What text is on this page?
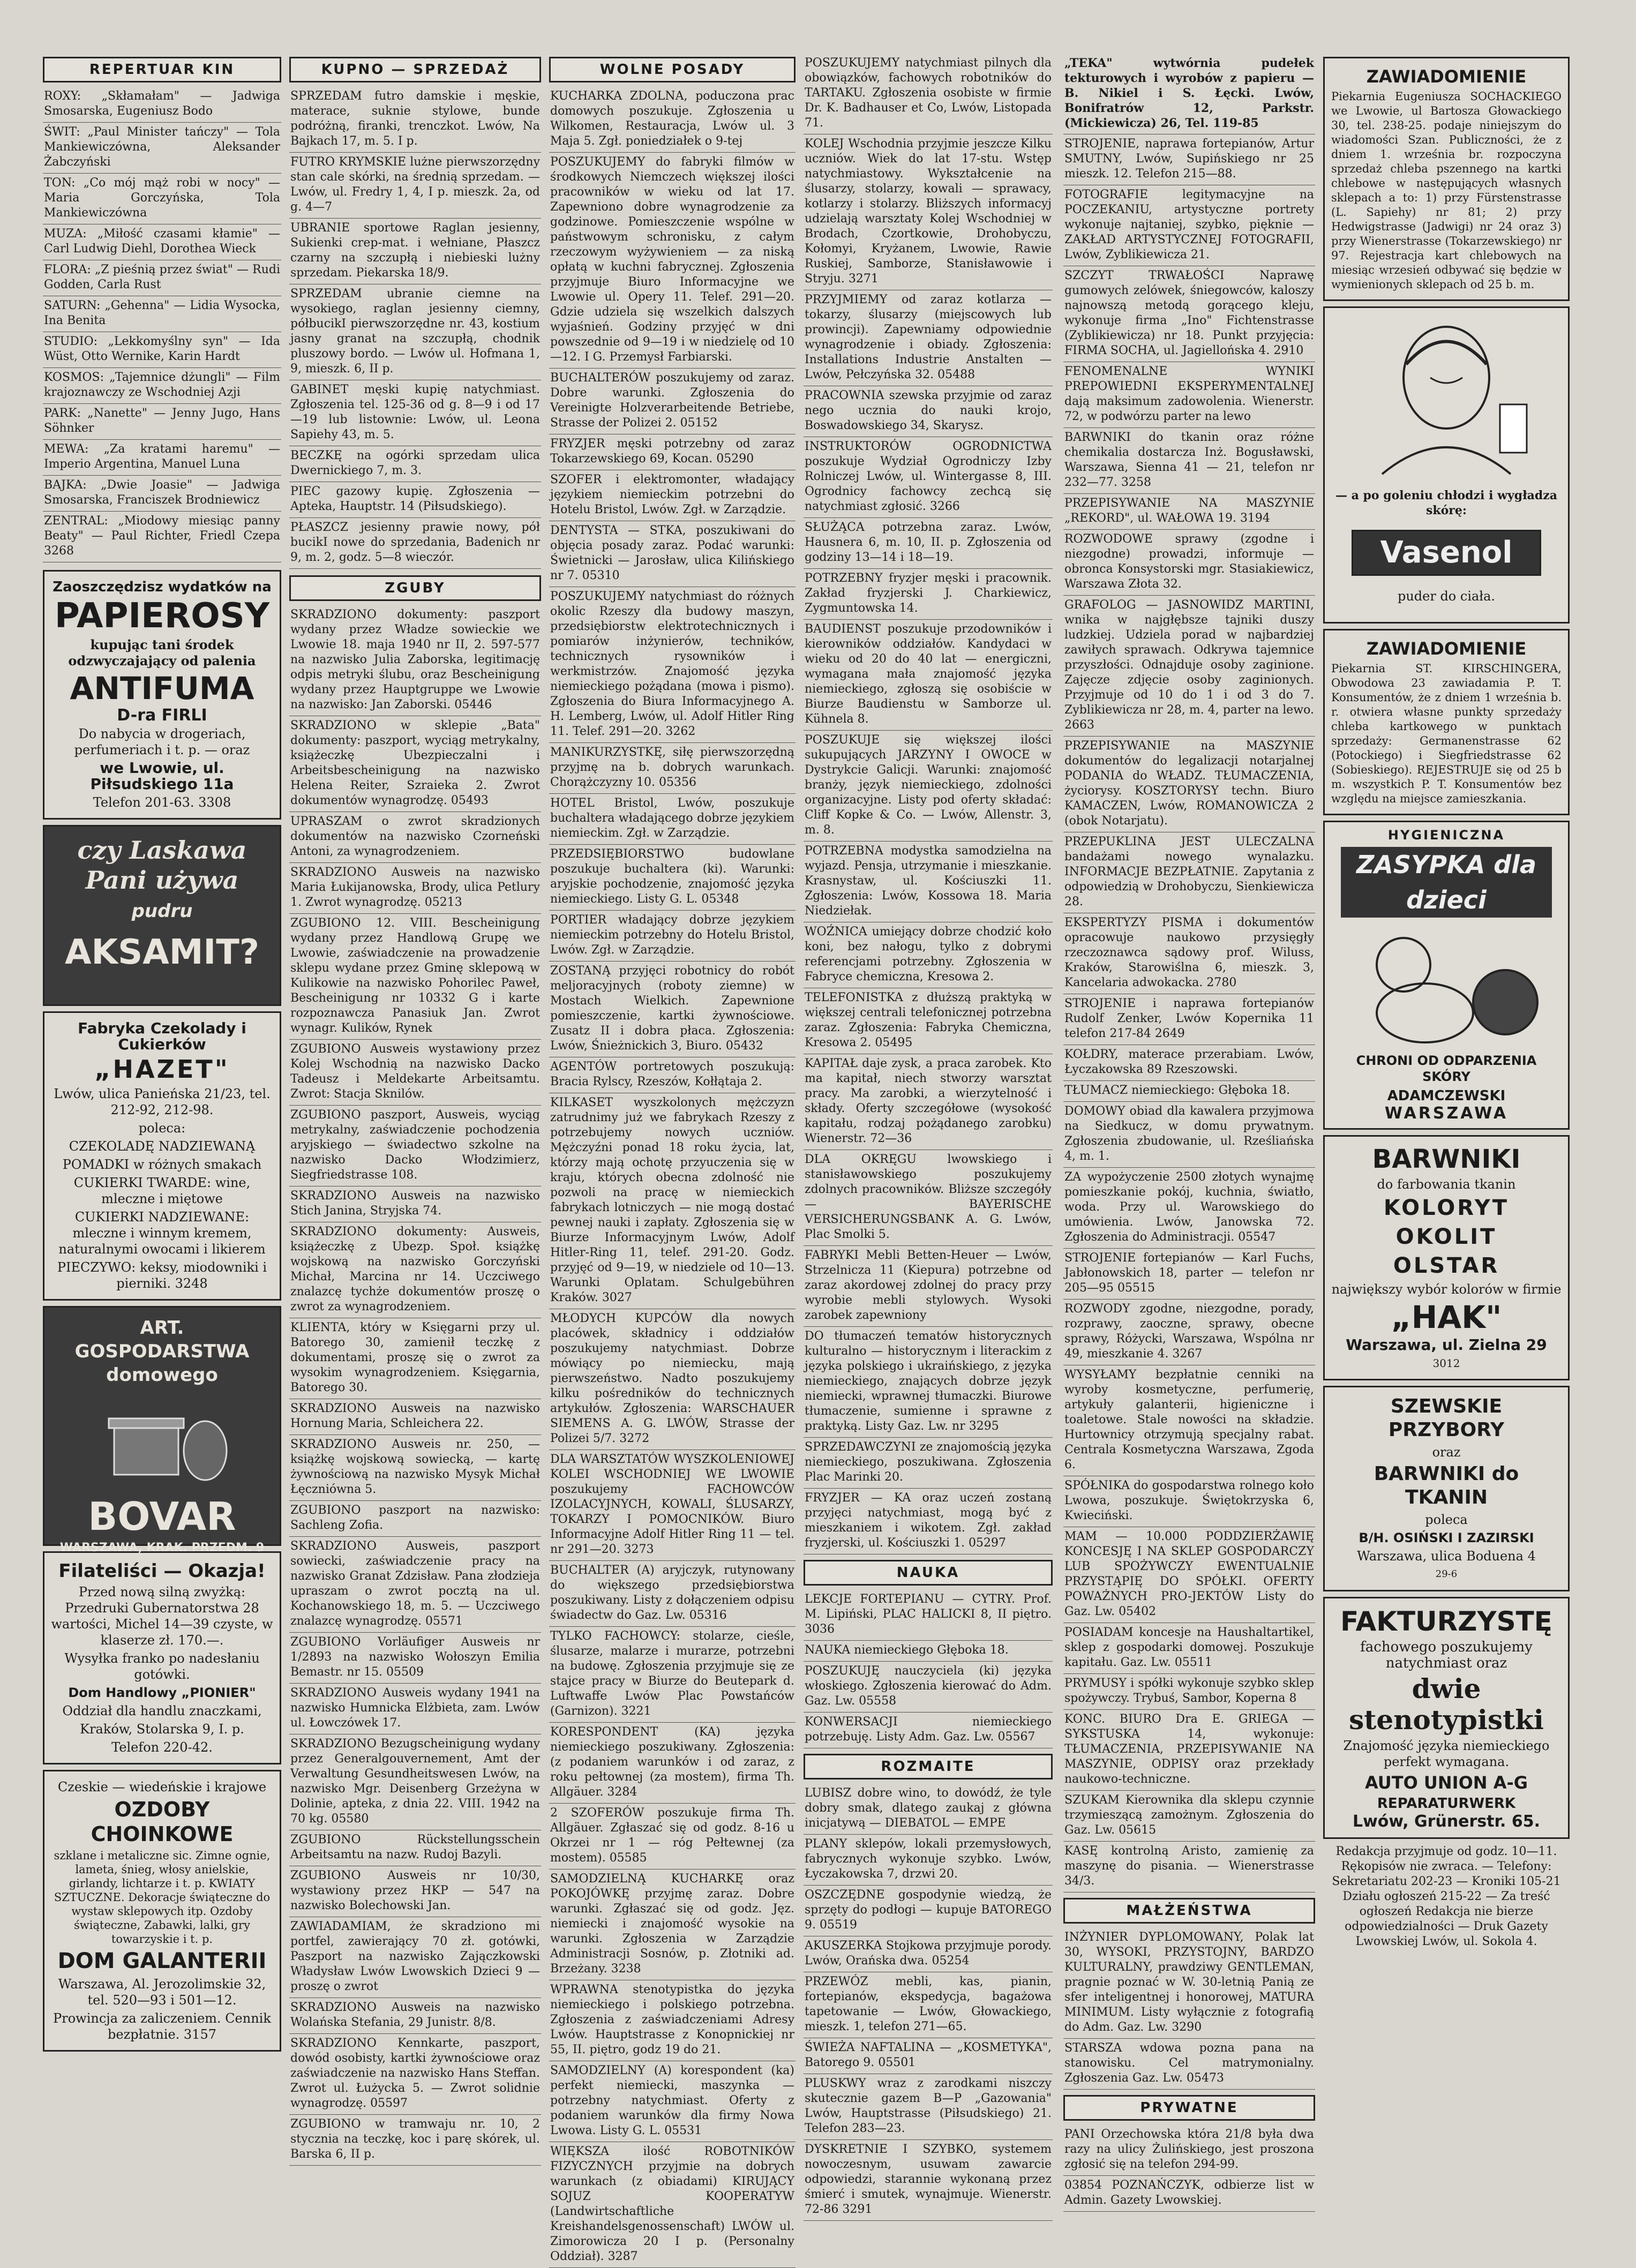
REPERTUAR KIN

ROXY: „Skłamałam" — Jadwiga Smosarska, Eugeniusz Bodo

ŚWIT: „Paul Minister tańczy" — Tola Mankiewiczówna, Aleksander Żabczyński

TON: „Co mój mąż robi w nocy" — Maria Gorczyńska, Tola Mankiewiczówna

MUZA: „Miłość czasami kłamie" — Carl Ludwig Diehl, Dorothea Wieck

FLORA: „Z pieśnią przez świat" — Rudi Godden, Carla Rust

SATURN: „Gehenna" — Lidia Wysocka, Ina Benita

STUDIO: „Lekkomyślny syn" — Ida Wüst, Otto Wernike, Karin Hardt

KOSMOS: „Tajemnice dżungli" — Film krajoznawczy ze Wschodniej Azji

PARK: „Nanette" — Jenny Jugo, Hans Söhnker

MEWA: „Za kratami haremu" — Imperio Argentina, Manuel Luna

BAJKA: „Dwie Joasie" — Jadwiga Smosarska, Franciszek Brodniewicz

ZENTRAL: „Miodowy miesiąc panny Beaty" — Paul Richter, Friedl Czepa 3268

Zaoszczędzisz wydatków na

PAPIEROSY

kupując tani środek odzwyczajający od palenia

ANTIFUMA

D-ra FIRLI

Do nabycia w drogeriach, perfumeriach i t. p. — oraz

we Lwowie, ul. Piłsudskiego 11a

Telefon 201-63. 3308

czy Laskawa Pani używa
pudru
AKSAMIT?

Fabryka Czekolady i Cukierków

„HAZET"

Lwów, ulica Panieńska 21/23, tel. 212-92, 212-98.

poleca:

CZEKOLADĘ NADZIEWANĄ

POMADKI w różnych smakach

CUKIERKI TWARDE: wine, mleczne i miętowe

CUKIERKI NADZIEWANE: mleczne i winnym kremem, naturalnymi owocami i likierem

PIECZYWO: keksy, miodowniki i pierniki. 3248

ART. GOSPODARSTWA domowego
BOVAR
WARSZAWA, KRAK. PRZEDM. 9

Filateliści — Okazja!

Przed nową silną zwyżką: Przedruki Gubernatorstwa 28 wartości, Michel 14—39 czyste, w klaserze zł. 170.—.

Wysyłka franko po nadesłaniu gotówki.

Dom Handlowy „PIONIER"

Oddział dla handlu znaczkami,

Kraków, Stolarska 9, I. p.

Telefon 220-42.

Czeskie — wiedeńskie i krajowe

OZDOBY CHOINKOWE

szklane i metaliczne sic. Zimne ognie, lameta, śnieg, włosy anielskie, girlandy, lichtarze i t. p. KWIATY SZTUCZNE. Dekoracje świąteczne do wystaw sklepowych itp. Ozdoby świąteczne, Zabawki, lalki, gry towarzyskie i t. p.

DOM GALANTERII

Warszawa, Al. Jerozolimskie 32, tel. 520—93 i 501—12.

Prowincja za zaliczeniem. Cennik bezpłatnie. 3157

KUPNO — SPRZEDAŻ

SPRZEDAM futro damskie i męskie, materace, suknie stylowe, bunde podróżną, firanki, trenczkot. Lwów, Na Bajkach 17, m. 5. I p.

FUTRO KRYMSKIE lużne pierwszorzędny stan cale skórki, na średnią sprzedam. — Lwów, ul. Fredry 1, 4, I p. mieszk. 2a, od g. 4—7

UBRANIE sportowe Raglan jesienny, Sukienki crep-mat. i wełniane, Płaszcz czarny na szczupłą i niebieski lużny sprzedam. Piekarska 18/9.

SPRZEDAM ubranie ciemne na wysokiego, raglan jesienny ciemny, półbucikI pierwszorzędne nr. 43, kostium jasny granat na szczupłą, chodnik pluszowy bordo. — Lwów ul. Hofmana 1, 9, mieszk. 6, II p.

GABINET męski kupię natychmiast. Zgłoszenia tel. 125-36 od g. 8—9 i od 17—19 lub listownie: Lwów, ul. Leona Sapiehy 43, m. 5.

BECZKĘ na ogórki sprzedam ulica Dwernickiego 7, m. 3.

PIEC gazowy kupię. Zgłoszenia — Apteka, Hauptstr. 14 (Piłsudskiego).

PŁASZCZ jesienny prawie nowy, pół bucikI nowe do sprzedania, Badenich nr 9, m. 2, godz. 5—8 wieczór.

ZGUBY

SKRADZIONO dokumenty: paszport wydany przez Władze sowieckie we Lwowie 18. maja 1940 nr II, 2. 597-577 na nazwisko Julia Zaborska, legitimację odpis metryki ślubu, oraz Bescheinigung wydany przez Hauptgruppe we Lwowie na nazwisko: Jan Zaborski. 05446

SKRADZIONO w sklepie „Bata" dokumenty: paszport, wyciąg metrykalny, książeczkę Ubezpieczalni i Arbeitsbescheinigung na nazwisko Helena Reiter, Szraieka 2. Zwrot dokumentów wynagrodzę. 05493

UPRASZAM o zwrot skradzionych dokumentów na nazwisko Czorneński Antoni, za wynagrodzeniem.

SKRADZIONO Ausweis na nazwisko Maria Łukijanowska, Brody, ulica Petlury 1. Zwrot wynagrodzę. 05213

ZGUBIONO 12. VIII. Bescheinigung wydany przez Handlową Grupę we Lwowie, zaświadczenie na prowadzenie sklepu wydane przez Gminę sklepową w Kulikowie na nazwisko Pohorilec Paweł, Bescheinigung nr 10332 G i karte rozpoznawcza Panasiuk Jan. Zwrot wynagr. Kulików, Rynek

ZGUBIONO Ausweis wystawiony przez Kolej Wschodnią na nazwisko Dacko Tadeusz i Meldekarte Arbeitsamtu. Zwrot: Stacja Sknilów.

ZGUBIONO paszport, Ausweis, wyciąg metrykalny, zaświadczenie pochodzenia aryjskiego — świadectwo szkolne na nazwisko Dacko Włodzimierz, Siegfriedstrasse 108.

SKRADZIONO Ausweis na nazwisko Stich Janina, Stryjska 74.

SKRADZIONO dokumenty: Ausweis, książeczkę z Ubezp. Społ. książkę wojskową na nazwisko Gorczyński Michał, Marcina nr 14. Uczciwego znalazcę tychże dokumentów proszę o zwrot za wynagrodzeniem.

KLIENTA, który w Księgarni przy ul. Batorego 30, zamienił teczkę z dokumentami, proszę się o zwrot za wysokim wynagrodzeniem. Księgarnia, Batorego 30.

SKRADZIONO Ausweis na nazwisko Hornung Maria, Schleichera 22.

SKRADZIONO Ausweis nr. 250, — książkę wojskową sowiecką, — kartę żywnościową na nazwisko Mysyk Michał Łęczniówna 5.

ZGUBIONO paszport na nazwisko: Sachleng Zofia.

SKRADZIONO Ausweis, paszport sowiecki, zaświadczenie pracy na nazwisko Granat Zdzisław. Pana złodzieja upraszam o zwrot pocztą na ul. Kochanowskiego 18, m. 5. — Uczciwego znalazcę wynagrodzę. 05571

ZGUBIONO Vorläufiger Ausweis nr 1/2893 na nazwisko Wołoszyn Emilia Bemastr. nr 15. 05509

SKRADZIONO Ausweis wydany 1941 na nazwisko Humnicka Elżbieta, zam. Lwów ul. Łowczówek 17.

SKRADZIONO Bezugscheinigung wydany przez Generalgouvernement, Amt der Verwaltung Gesundheitswesen Lwów, na nazwisko Mgr. Deisenberg Grzeżyna w Dolinie, apteka, z dnia 22. VIII. 1942 na 70 kg. 05580

ZGUBIONO Rückstellungsschein Arbeitsamtu na nazw. Rudoj Bazyli.

ZGUBIONO Ausweis nr 10/30, wystawiony przez HKP — 547 na nazwisko Bolechowski Jan.

ZAWIADAMIAM, że skradziono mi portfel, zawierający 70 zł. gotówki, Paszport na nazwisko Zajączkowski Władysław Lwów Lwowskich Dzieci 9 — proszę o zwrot

SKRADZIONO Ausweis na nazwisko Wolańska Stefania, 29 Junistr. 8/8.

SKRADZIONO Kennkarte, paszport, dowód osobisty, kartki żywnościowe oraz zaświadczenie na nazwisko Hans Steffan. Zwrot ul. Łużycka 5. — Zwrot solidnie wynagrodzę. 05597

ZGUBIONO w tramwaju nr. 10, 2 stycznia na teczkę, koc i parę skórek, ul. Barska 6, II p.

WOLNE POSADY

KUCHARKA ZDOLNA, poduczona prac domowych poszukuje. Zgłoszenia u Wilkomen, Restauracja, Lwów ul. 3 Maja 5. Zgł. poniedziałek o 9-tej

POSZUKUJEMY do fabryki filmów w środkowych Niemczech większej ilości pracowników w wieku od lat 17. Zapewniono dobre wynagrodzenie za godzinowe. Pomieszczenie wspólne w państwowym schronisku, z całym rzeczowym wyżywieniem — za niską opłatą w kuchni fabrycznej. Zgłoszenia przyjmuje Biuro Informacyjne we Lwowie ul. Opery 11. Telef. 291—20. Gdzie udziela się wszelkich dalszych wyjaśnień. Godziny przyjęć w dni powszednie od 9—19 i w niedzielę od 10—12. I G. Przemysł Farbiarski.

BUCHALTERÓW poszukujemy od zaraz. Dobre warunki. Zgłoszenia do Vereinigte Holzverarbeitende Betriebe, Strasse der Polizei 2. 05152

FRYZJER męski potrzebny od zaraz Tokarzewskiego 69, Kocan. 05290

SZOFER i elektromonter, władający językiem niemieckim potrzebni do Hotelu Bristol, Lwów. Zgł. w Zarządzie.

DENTYSTA — STKA, poszukiwani do objęcia posady zaraz. Podać warunki: Świetnicki — Jarosław, ulica Kilińskiego nr 7. 05310

POSZUKUJEMY natychmiast do różnych okolic Rzeszy dla budowy maszyn, przedsiębiorstw elektrotechnicznych i pomiarów inżynierów, techników, technicznych rysowników i werkmistrzów. Znajomość języka niemieckiego pożądana (mowa i pismo). Zgłoszenia do Biura Informacyjnego A. H. Lemberg, Lwów, ul. Adolf Hitler Ring 11. Telef. 291—20. 3262

MANIKURZYSTKĘ, siłę pierwszorzędną przyjmę na b. dobrych warunkach. Chorążczyzny 10. 05356

HOTEL Bristol, Lwów, poszukuje buchaltera władającego dobrze językiem niemieckim. Zgł. w Zarządzie.

PRZEDSIĘBIORSTWO budowlane poszukuje buchaltera (ki). Warunki: aryjskie pochodzenie, znajomość języka niemieckiego. Listy G. L. 05348

PORTIER władający dobrze językiem niemieckim potrzebny do Hotelu Bristol, Lwów. Zgł. w Zarządzie.

ZOSTANĄ przyjęci robotnicy do robót meljoracyjnych (roboty ziemne) w Mostach Wielkich. Zapewnione pomieszczenie, kartki żywnościowe. Zusatz II i dobra płaca. Zgłoszenia: Lwów, Śnieżnickich 3, Biuro. 05432

AGENTÓW portretowych poszukują: Bracia Rylscy, Rzeszów, Kołłątaja 2.

KILKASET wyszkolonych mężczyzn zatrudnimy już we fabrykach Rzeszy z potrzebujemy nowych uczniów. Mężczyźni ponad 18 roku życia, lat, którzy mają ochotę przyuczenia się w kraju, których obecna zdolność nie pozwoli na pracę w niemieckich fabrykach lotniczych — nie mogą dostać pewnej nauki i zapłaty. Zgłoszenia się w Biurze Informacyjnym Lwów, Adolf Hitler-Ring 11, telef. 291-20. Godz. przyjęć od 9—19, w niedziele od 10—13. Warunki Oplatam. Schulgebühren Kraków. 3027

MŁODYCH KUPCÓW dla nowych placówek, składnicy i oddziałów poszukujemy natychmiast. Dobrze mówiący po niemiecku, mają pierwszeństwo. Nadto poszukujemy kilku pośredników do technicznych artykułów. Zgłoszenia: WARSCHAUER SIEMENS A. G. LWÓW, Strasse der Polizei 5/7. 3272

DLA WARSZTATÓW WYSZKOLENIOWEJ KOLEI WSCHODNIEJ WE LWOWIE poszukujemy FACHOWCÓW IZOLACYJNYCH, KOWALI, ŚLUSARZY, TOKARZY I POMOCNIKÓW. Biuro Informacyjne Adolf Hitler Ring 11 — tel. nr 291—20. 3273

BUCHALTER (A) aryjczyk, rutynowany do większego przedsiębiorstwa poszukiwany. Listy z dołączeniem odpisu świadectw do Gaz. Lw. 05316

TYLKO FACHOWCY: stolarze, cieśle, ślusarze, malarze i murarze, potrzebni na budowę. Zgłoszenia przyjmuje się ze stajce pracy w Biurze do Beutepark d. Luftwaffe Lwów Plac Powstańców (Garnizon). 3221

KORESPONDENT (KA) języka niemieckiego poszukiwany. Zgłoszenia: (z podaniem warunków i od zaraz, z roku pełtownej (za mostem), firma Th. Allgäuer. 3284

2 SZOFERÓW poszukuje firma Th. Allgäuer. Zgłaszać się od godz. 8-16 u Okrzei nr 1 — róg Pełtewnej (za mostem). 05585

SAMODZIELNĄ KUCHARKĘ oraz POKOJÓWKĘ przyjmę zaraz. Dobre warunki. Zgłaszać się od godz. Jęz. niemiecki i znajomość wysokie na warunki. Zgłoszenia w Zarządzie Administracji Sosnów, p. Złotniki ad. Brzeżany. 3238

WPRAWNA stenotypistka do języka niemieckiego i polskiego potrzebna. Zgłoszenia z zaświadczeniami Adresy Lwów. Hauptstrasse z Konopnickiej nr 55, II. piętro, godz 19 do 21.

SAMODZIELNY (A) korespondent (ka) perfekt niemiecki, maszynka — potrzebny natychmiast. Oferty z podaniem warunków dla firmy Nowa Lwowa. Listy G. L. 05531

WIĘKSZA ilość ROBOTNIKÓW FIZYCZNYCH przyjmie na dobrych warunkach (z obiadami) KIRUJĄCY SOJUZ KOOPERATYW (Landwirtschaftliche Kreishandelsgenossenschaft) LWÓW ul. Zimorowicza 20 I p. (Personalny Oddział). 3287

POSZUKUJEMY natychmiast pilnych dla obowiązków, fachowych robotników do TARTAKU. Zgłoszenia osobiste w firmie Dr. K. Badhauser et Co, Lwów, Listopada 71.

KOLEJ Wschodnia przyjmie jeszcze Kilku uczniów. Wiek do lat 17-stu. Wstęp natychmiastowy. Wykształcenie na ślusarzy, stolarzy, kowali — sprawacy, kotlarzy i stolarzy. Bliższych informacyj udzielają warsztaty Kolej Wschodniej w Brodach, Czortkowie, Drohobyczu, Kołomyi, Kryżanem, Lwowie, Rawie Ruskiej, Samborze, Stanisławowie i Stryju. 3271

PRZYJMIEMY od zaraz kotlarza — tokarzy, ślusarzy (miejscowych lub prowincji). Zapewniamy odpowiednie wynagrodzenie i obiady. Zgłoszenia: Installations Industrie Anstalten — Lwów, Pełczyńska 32. 05488

PRACOWNIA szewska przyjmie od zaraz nego ucznia do nauki krojo, Boswadowskiego 34, Skarysz.

INSTRUKTORÓW OGRODNICTWA poszukuje Wydział Ogrodniczy Izby Rolniczej Lwów, ul. Wintergasse 8, III. Ogrodnicy fachowcy zechcą się natychmiast zgłosić. 3266

SŁUŻĄCA potrzebna zaraz. Lwów, Hausnera 6, m. 10, II. p. Zgłoszenia od godziny 13—14 i 18—19.

POTRZEBNY fryzjer męski i pracownik. Zakład fryzjerski J. Charkiewicz, Zygmuntowska 14.

BAUDIENST poszukuje przodowników i kierowników oddziałów. Kandydaci w wieku od 20 do 40 lat — energiczni, wymagana mała znajomość języka niemieckiego, zgłoszą się osobiście w Biurze Baudienstu w Samborze ul. Kühnela 8.

POSZUKUJE się większej ilości sukupujących JARZYNY I OWOCE w Dystrykcie Galicji. Warunki: znajomość branży, język niemieckiego, zdolności organizacyjne. Listy pod oferty składać: Cliff Kopke & Co. — Lwów, Allenstr. 3, m. 8.

POTRZEBNA modystka samodzielna na wyjazd. Pensja, utrzymanie i mieszkanie. Krasnystaw, ul. Kościuszki 11. Zgłoszenia: Lwów, Kossowa 18. Maria Niedziełak.

WOŹNICA umiejący dobrze chodzić koło koni, bez nałogu, tylko z dobrymi referencjami potrzebny. Zgłoszenia w Fabryce chemiczna, Kresowa 2.

TELEFONISTKA z dłuższą praktyką w większej centrali telefonicznej potrzebna zaraz. Zgłoszenia: Fabryka Chemiczna, Kresowa 2. 05495

KAPITAŁ daje zysk, a praca zarobek. Kto ma kapitał, niech stworzy warsztat pracy. Ma zarobki, a wierzytelność i składy. Oferty szczegółowe (wysokość kapitału, rodzaj pożądanego zarobku) Wienerstr. 72—36

DLA OKRĘGU lwowskiego i stanisławowskiego poszukujemy zdolnych pracowników. Bliższe szczegóły — BAYERISCHE VERSICHERUNGSBANK A. G. Lwów, Plac Smolki 5.

FABRYKI Mebli Betten-Heuer — Lwów, Strzelnicza 11 (Kiepura) potrzebne od zaraz akordowej zdolnej do pracy przy wyrobie mebli stylowych. Wysoki zarobek zapewniony

DO tłumaczeń tematów historycznych kulturalno — historycznym i literackim z języka polskiego i ukraińskiego, z języka niemieckiego, znających dobrze język niemiecki, wprawnej tłumaczki. Biurowe tłumaczenie, sumienne i sprawne z praktyką. Listy Gaz. Lw. nr 3295

SPRZEDAWCZYNI ze znajomością języka niemieckiego, poszukiwana. Zgłoszenia Plac Marinki 20.

FRYZJER — KA oraz uczeń zostaną przyjęci natychmiast, mogą być z mieszkaniem i wikotem. Zgł. zakład fryzjerski, ul. Kościuszki 1. 05297

NAUKA

LEKCJE FORTEPIANU — CYTRY. Prof. M. Lipiński, PLAC HALICKI 8, II piętro. 3036

NAUKA niemieckiego Głęboka 18.

POSZUKUJĘ nauczyciela (ki) języka włoskiego. Zgłoszenia kierować do Adm. Gaz. Lw. 05558

KONWERSACJI niemieckiego potrzebuję. Listy Adm. Gaz. Lw. 05567

ROZMAITE

LUBISZ dobre wino, to dowódź, że tyle dobry smak, dlatego zaukaj z główna inicjatywą — DIEBATOL — EMPE

PLANY sklepów, lokali przemysłowych, fabrycznych wykonuje szybko. Lwów, Łyczakowska 7, drzwi 20.

OSZCZĘDNE gospodynie wiedzą, że sprzęty do podłogi — kupuje BATOREGO 9. 05519

AKUSZERKA Stojkowa przyjmuje porody. Lwów, Orańska dwa. 05254

PRZEWÓZ mebli, kas, pianin, fortepianów, ekspedycja, bagażowa tapetowanie — Lwów, Głowackiego, mieszk. 1, telefon 271—65.

ŚWIEŻA NAFTALINA — „KOSMETYKA", Batorego 9. 05501

PLUSKWY wraz z zarodkami niszczy skutecznie gazem B—P „Gazowania" Lwów, Hauptstrasse (Piłsudskiego) 21. Telefon 283—23.

DYSKRETNIE I SZYBKO, systemem nowoczesnym, usuwam zawarcie odpowiedzi, starannie wykonaną przez śmierć i smutek, wynajmuje. Wienerstr. 72-86 3291

„TEKA" wytwórnia pudełek tekturowych i wyrobów z papieru — B. Nikiel i S. Łęcki. Lwów, Bonifratrów 12, Parkstr. (Mickiewicza) 26, Tel. 119-85

STROJENIE, naprawa fortepianów, Artur SMUTNY, Lwów, Supińskiego nr 25 mieszk. 12. Telefon 215—88.

FOTOGRAFIE legitymacyjne na POCZEKANIU, artystyczne portrety wykonuje najtaniej, szybko, pięknie — ZAKŁAD ARTYSTYCZNEJ FOTOGRAFII, Lwów, Zyblikiewicza 21.

SZCZYT TRWAŁOŚCI Naprawę gumowych zelówek, śniegowców, kaloszy najnowszą metodą gorącego kleju, wykonuje firma „Ino" Fichtenstrasse (Zyblikiewicza) nr 18. Punkt przyjęcia: FIRMA SOCHA, ul. Jagiellońska 4. 2910

FENOMENALNE WYNIKI PREPOWIEDNI EKSPERYMENTALNEJ dają maksimum zadowolenia. Wienerstr. 72, w podwórzu parter na lewo

BARWNIKI do tkanin oraz różne chemikalia dostarcza Inż. Bogusławski, Warszawa, Sienna 41 — 21, telefon nr 232—77. 3258

PRZEPISYWANIE NA MASZYNIE „REKORD", ul. WAŁOWA 19. 3194

ROZWODOWE sprawy (zgodne i niezgodne) prowadzi, informuje — obronca Konsystorski mgr. Stasiakiewicz, Warszawa Złota 32.

GRAFOLOG — JASNOWIDZ MARTINI, wnika w najgłębsze tajniki duszy ludzkiej. Udziela porad w najbardziej zawiłych sprawach. Odkrywa tajemnice przyszłości. Odnajduje osoby zaginione. Zajęcze zdjęcie osoby zaginionych. Przyjmuje od 10 do 1 i od 3 do 7. Zyblikiewicza nr 28, m. 4, parter na lewo. 2663

PRZEPISYWANIE na MASZYNIE dokumentów do legalizacji notarjalnej PODANIA do WŁADZ. TŁUMACZENIA, życiorysy. KOSZTORYSY techn. Biuro KAMACZEN, Lwów, ROMANOWICZA 2 (obok Notarjatu).

PRZEPUKLINA JEST ULECZALNA bandażami nowego wynalazku. INFORMACJE BEZPŁATNIE. Zapytania z odpowiedzią w Drohobyczu, Sienkiewicza 28.

EKSPERTYZY PISMA i dokumentów opracowuje naukowo przysięgły rzeczoznawca sądowy prof. Wiluss, Kraków, Starowiślna 6, mieszk. 3, Kancelaria adwokacka. 2780

STROJENIE i naprawa fortepianów Rudolf Zenker, Lwów Kopernika 11 telefon 217-84 2649

KOŁDRY, materace przerabiam. Lwów, Łyczakowska 89 Rzeszowski.

TŁUMACZ niemieckiego: Głęboka 18.

DOMOWY obiad dla kawalera przyjmowa na Siedkucz, w domu prywatnym. Zgłoszenia zbudowanie, ul. Rześliańska 4, m. 1.

ZA wypożyczenie 2500 złotych wynajmę pomieszkanie pokój, kuchnia, światło, woda. Przy ul. Warowskiego do umówienia. Lwów, Janowska 72. Zgłoszenia do Administracji. 05547

STROJENIE fortepianów — Karl Fuchs, Jabłonowskich 18, parter — telefon nr 205—95 05515

ROZWODY zgodne, niezgodne, porady, rozprawy, zaoczne, sprawy, obecne sprawy, Różycki, Warszawa, Wspólna nr 49, mieszkanie 4. 3267

WYSYŁAMY bezpłatnie cenniki na wyroby kosmetyczne, perfumerię, artykuły galanterii, higieniczne i toaletowe. Stale nowości na składzie. Hurtownicy otrzymują specjalny rabat. Centrala Kosmetyczna Warszawa, Zgoda 6.

SPÓŁNIKA do gospodarstwa rolnego koło Lwowa, poszukuje. Świętokrzyska 6, Kwieciński.

MAM — 10.000 PODDZIERŻAWIĘ KONCESJĘ I NA SKLEP GOSPODARCZY LUB SPOŻYWCZY EWENTUALNIE PRZYSTĄPIĘ DO SPÓŁKI. OFERTY POWAŻNYCH PRO-JEKTÓW Listy do Gaz. Lw. 05402

POSIADAM koncesje na Haushaltartikel, sklep z gospodarki domowej. Poszukuje kapitału. Gaz. Lw. 05511

PRYMUSY i spółki wykonuje szybko sklep spożywczy. Trybuś, Sambor, Koperna 8

KONC. BIURO Dra E. GRIEGA — SYKSTUSKA 14, wykonuje: TŁUMACZENIA, PRZEPISYWANIE NA MASZYNIE, ODPISY oraz przekłady naukowo-techniczne.

SZUKAM Kierownika dla sklepu czynnie trzymieszącą zamożnym. Zgłoszenia do Gaz. Lw. 05615

KASĘ kontrolną Aristo, zamienię za maszynę do pisania. — Wienerstrasse 34/3.

MAŁŻEŃSTWA

INŻYNIER DYPLOMOWANY, Polak lat 30, WYSOKI, PRZYSTOJNY, BARDZO KULTURALNY, prawdziwy GENTLEMAN, pragnie poznać w W. 30-letnią Panią ze sfer inteligentnej i honorowej, MATURA MINIMUM. Listy wyłącznie z fotografią do Adm. Gaz. Lw. 3290

STARSZA wdowa pozna pana na stanowisku. Cel matrymonialny. Zgłoszenia Gaz. Lw. 05473

PRYWATNE

PANI Orzechowska która 21/8 była dwa razy na ulicy Żulińskiego, jest proszona zgłosić się na telefon 294-99.

03854 POZNAŃCZYK, odbierze list w Admin. Gazety Lwowskiej.

ZAWIADOMIENIE

Piekarnia Eugeniusza SOCHACKIEGO we Lwowie, ul Bartosza Głowackiego 30, tel. 238-25. podaje niniejszym do wiadomości Szan. Publiczności, że z dniem 1. września br. rozpoczyna sprzedaż chleba pszennego na kartki chlebowe w następujących własnych sklepach a to: 1) przy Fürstenstrasse (L. Sapiehy) nr 81; 2) przy Hedwigstrasse (Jadwigi) nr 24 oraz 3) przy Wienerstrasse (Tokarzewskiego) nr 97. Rejestracja kart chlebowych na miesiąc wrzesień odbywać się będzie w wymienionych sklepach od 25 b. m.

— a po goleniu chłodzi i wygładza skórę:

Vasenol

puder do ciała.

ZAWIADOMIENIE

Piekarnia ST. KIRSCHINGERA, Obwodowa 23 zawiadamia P. T. Konsumentów, że z dniem 1 września b. r. otwiera własne punkty sprzedaży chleba kartkowego w punktach sprzedaży: Germanenstrasse 62 (Potockiego) i Siegfriedstrasse 62 (Sobieskiego). REJESTRUJE się od 25 b m. wszystkich P. T. Konsumentów bez względu na miejsce zamieszkania.

HYGIENICZNA
ZASYPKA dla dzieci
CHRONI OD ODPARZENIA SKÓRY
ADAMCZEWSKI
WARSZAWA

BARWNIKI

do farbowania tkanin

KOLORYT

OKOLIT

OLSTAR

największy wybór kolorów w firmie

„HAK"

Warszawa, ul. Zielna 29

3012

SZEWSKIE PRZYBORY

oraz

BARWNIKI do TKANIN

poleca

B/H. OSIŃSKI I ZAZIRSKI

Warszawa, ulica Boduena 4

29-6

FAKTURZYSTĘ

fachowego poszukujemy natychmiast oraz

dwie stenotypistki

Znajomość języka niemieckiego perfekt wymagana.

AUTO UNION A-G

REPARATURWERK

Lwów, Grünerstr. 65.

Redakcja przyjmuje od godz. 10—11. Rękopisów nie zwraca. — Telefony: Sekretariatu 202-23 — Kroniki 105-21 Działu ogłoszeń 215-22 — Za treść ogłoszeń Redakcja nie bierze odpowiedzialności — Druk Gazety Lwowskiej Lwów, ul. Sokola 4.
